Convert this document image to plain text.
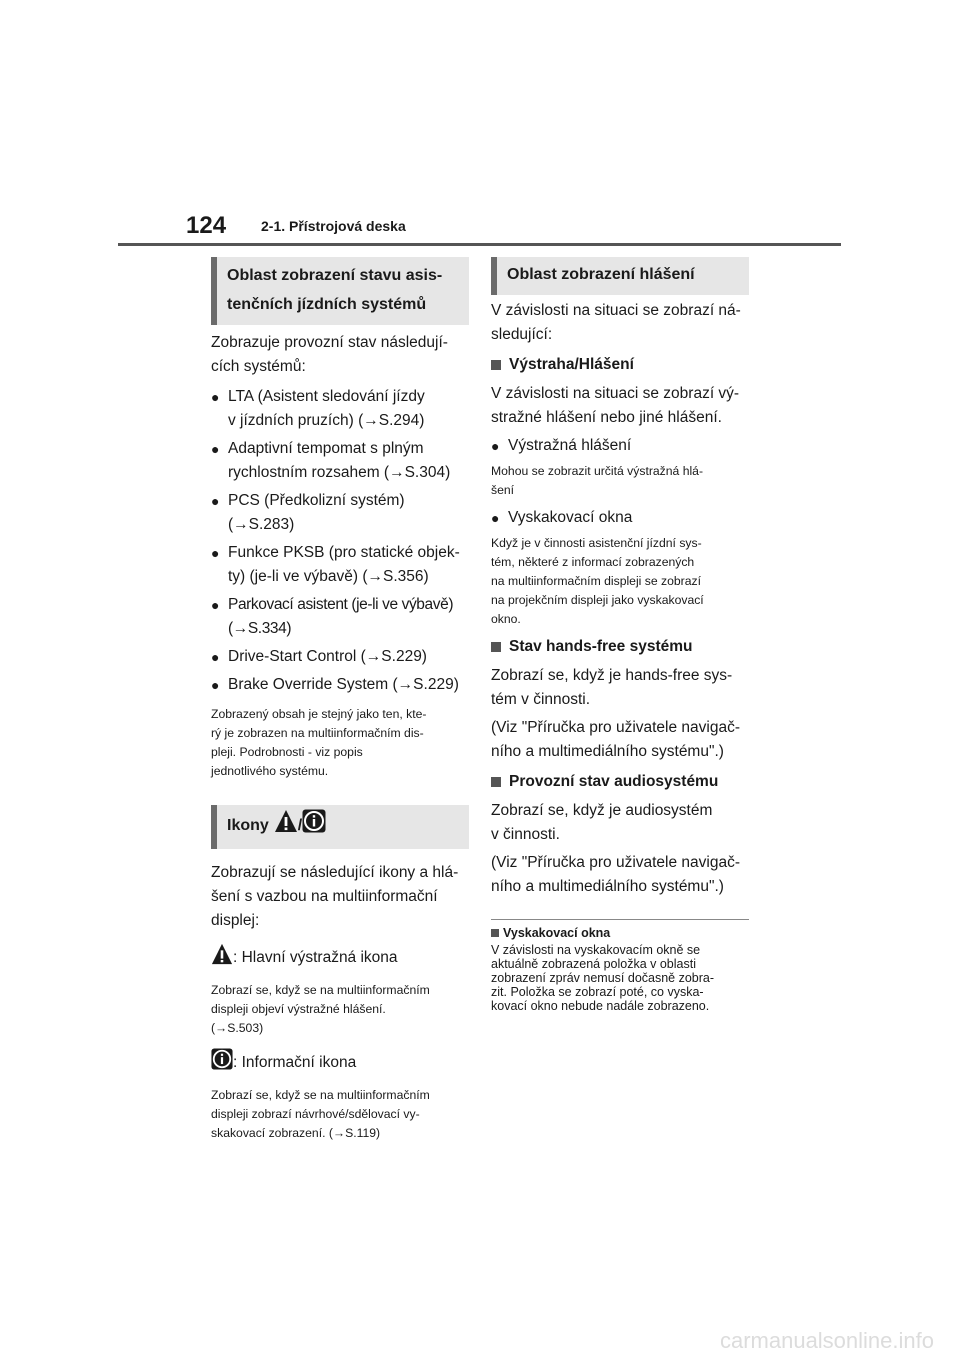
124 2-1. Přístrojová deska
Oblast zobrazení stavu asis-
tenčních jízdních systémů
Zobrazuje provozní stav následují-
cích systémů:
● LTA (Asistent sledování jízdy
v jízdních pruzích) (→S.294)
● Adaptivní tempomat s plným
rychlostním rozsahem (→S.304)
● PCS (Předkolizní systém)
(→S.283)
● Funkce PKSB (pro statické objek-
ty) (je-li ve výbavě) (→S.356)
● Parkovací asistent (je-li ve výbavě)
(→S.334)
● Drive-Start Control (→S.229)
● Brake Override System (→S.229)
Zobrazený obsah je stejný jako ten, kte-
rý je zobrazen na multiinformačním dis-
pleji. Podrobnosti - viz popis
jednotlivého systému.
Ikony /
Zobrazují se následující ikony a hlá-
šení s vazbou na multiinformační
displej:
: Hlavní výstražná ikona
Zobrazí se, když se na multiinformačním
displeji objeví výstražné hlášení.
(→S.503)
: Informační ikona
Zobrazí se, když se na multiinformačním
displeji zobrazí návrhové/sdělovací vy-
skakovací zobrazení. (→S.119)
Oblast zobrazení hlášení
V závislosti na situaci se zobrazí ná-
sledující:
Výstraha/Hlášení
V závislosti na situaci se zobrazí vý-
stražné hlášení nebo jiné hlášení.
● Výstražná hlášení
Mohou se zobrazit určitá výstražná hlá-
šení
● Vyskakovací okna
Když je v činnosti asistenční jízdní sys-
tém, některé z informací zobrazených
na multiinformačním displeji se zobrazí
na projekčním displeji jako vyskakovací
okno.
Stav hands-free systému
Zobrazí se, když je hands-free sys-
tém v činnosti.
(Viz "Příručka pro uživatele navigač-
ního a multimediálního systému".)
Provozní stav audiosystému
Zobrazí se, když je audiosystém
v činnosti.
(Viz "Příručka pro uživatele navigač-
ního a multimediálního systému".)
Vyskakovací okna
V závislosti na vyskakovacím okně se
aktuálně zobrazená položka v oblasti
zobrazení zpráv nemusí dočasně zobra-
zit. Položka se zobrazí poté, co vyska-
kovací okno nebude nadále zobrazeno.
carmanualsonline.info
